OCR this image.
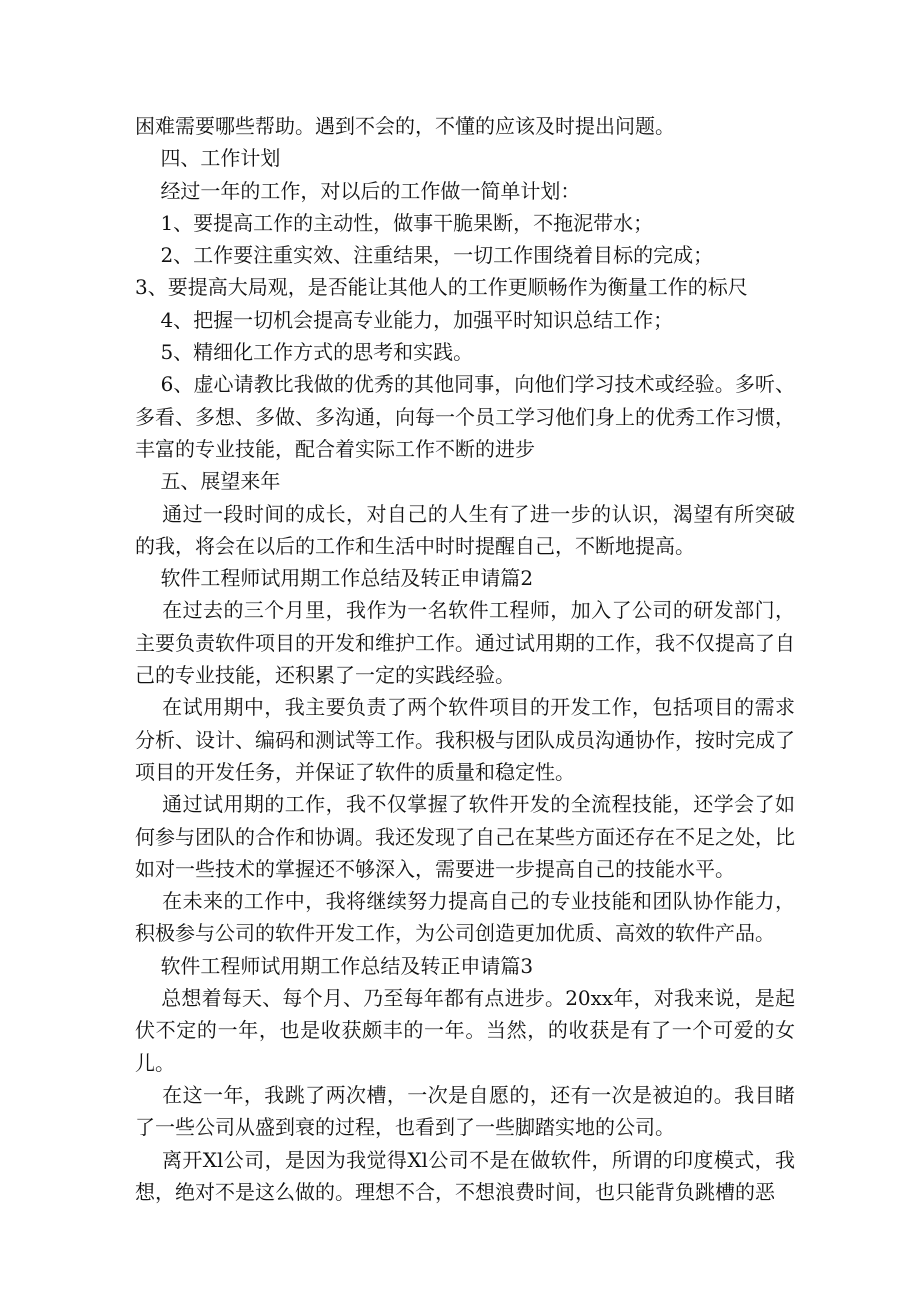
困难需要哪些帮助。遇到不会的，不懂的应该及时提出问题。

四、工作计划

经过一年的工作，对以后的工作做一简单计划：

1、要提高工作的主动性，做事干脆果断，不拖泥带水；

2、工作要注重实效、注重结果，一切工作围绕着目标的完成；

3、要提高大局观，是否能让其他人的工作更顺畅作为衡量工作的标尺

4、把握一切机会提高专业能力，加强平时知识总结工作；

5、精细化工作方式的思考和实践。

6、虚心请教比我做的优秀的其他同事，向他们学习技术或经验。多听、多看、多想、多做、多沟通，向每一个员工学习他们身上的优秀工作习惯，丰富的专业技能，配合着实际工作不断的进步

五、展望来年

通过一段时间的成长，对自己的人生有了进一步的认识，渴望有所突破的我，将会在以后的工作和生活中时时提醒自己，不断地提高。

软件工程师试用期工作总结及转正申请篇2

在过去的三个月里，我作为一名软件工程师，加入了公司的研发部门，主要负责软件项目的开发和维护工作。通过试用期的工作，我不仅提高了自己的专业技能，还积累了一定的实践经验。

在试用期中，我主要负责了两个软件项目的开发工作，包括项目的需求分析、设计、编码和测试等工作。我积极与团队成员沟通协作，按时完成了项目的开发任务，并保证了软件的质量和稳定性。

通过试用期的工作，我不仅掌握了软件开发的全流程技能，还学会了如何参与团队的合作和协调。我还发现了自己在某些方面还存在不足之处，比如对一些技术的掌握还不够深入，需要进一步提高自己的技能水平。

在未来的工作中，我将继续努力提高自己的专业技能和团队协作能力，积极参与公司的软件开发工作，为公司创造更加优质、高效的软件产品。

软件工程师试用期工作总结及转正申请篇3

总想着每天、每个月、乃至每年都有点进步。20xx年，对我来说，是起伏不定的一年，也是收获颇丰的一年。当然，的收获是有了一个可爱的女儿。

在这一年，我跳了两次槽，一次是自愿的，还有一次是被迫的。我目睹了一些公司从盛到衰的过程，也看到了一些脚踏实地的公司。

离开Xl公司，是因为我觉得Xl公司不是在做软件，所谓的印度模式，我想，绝对不是这么做的。理想不合，不想浪费时间，也只能背负跳槽的恶
